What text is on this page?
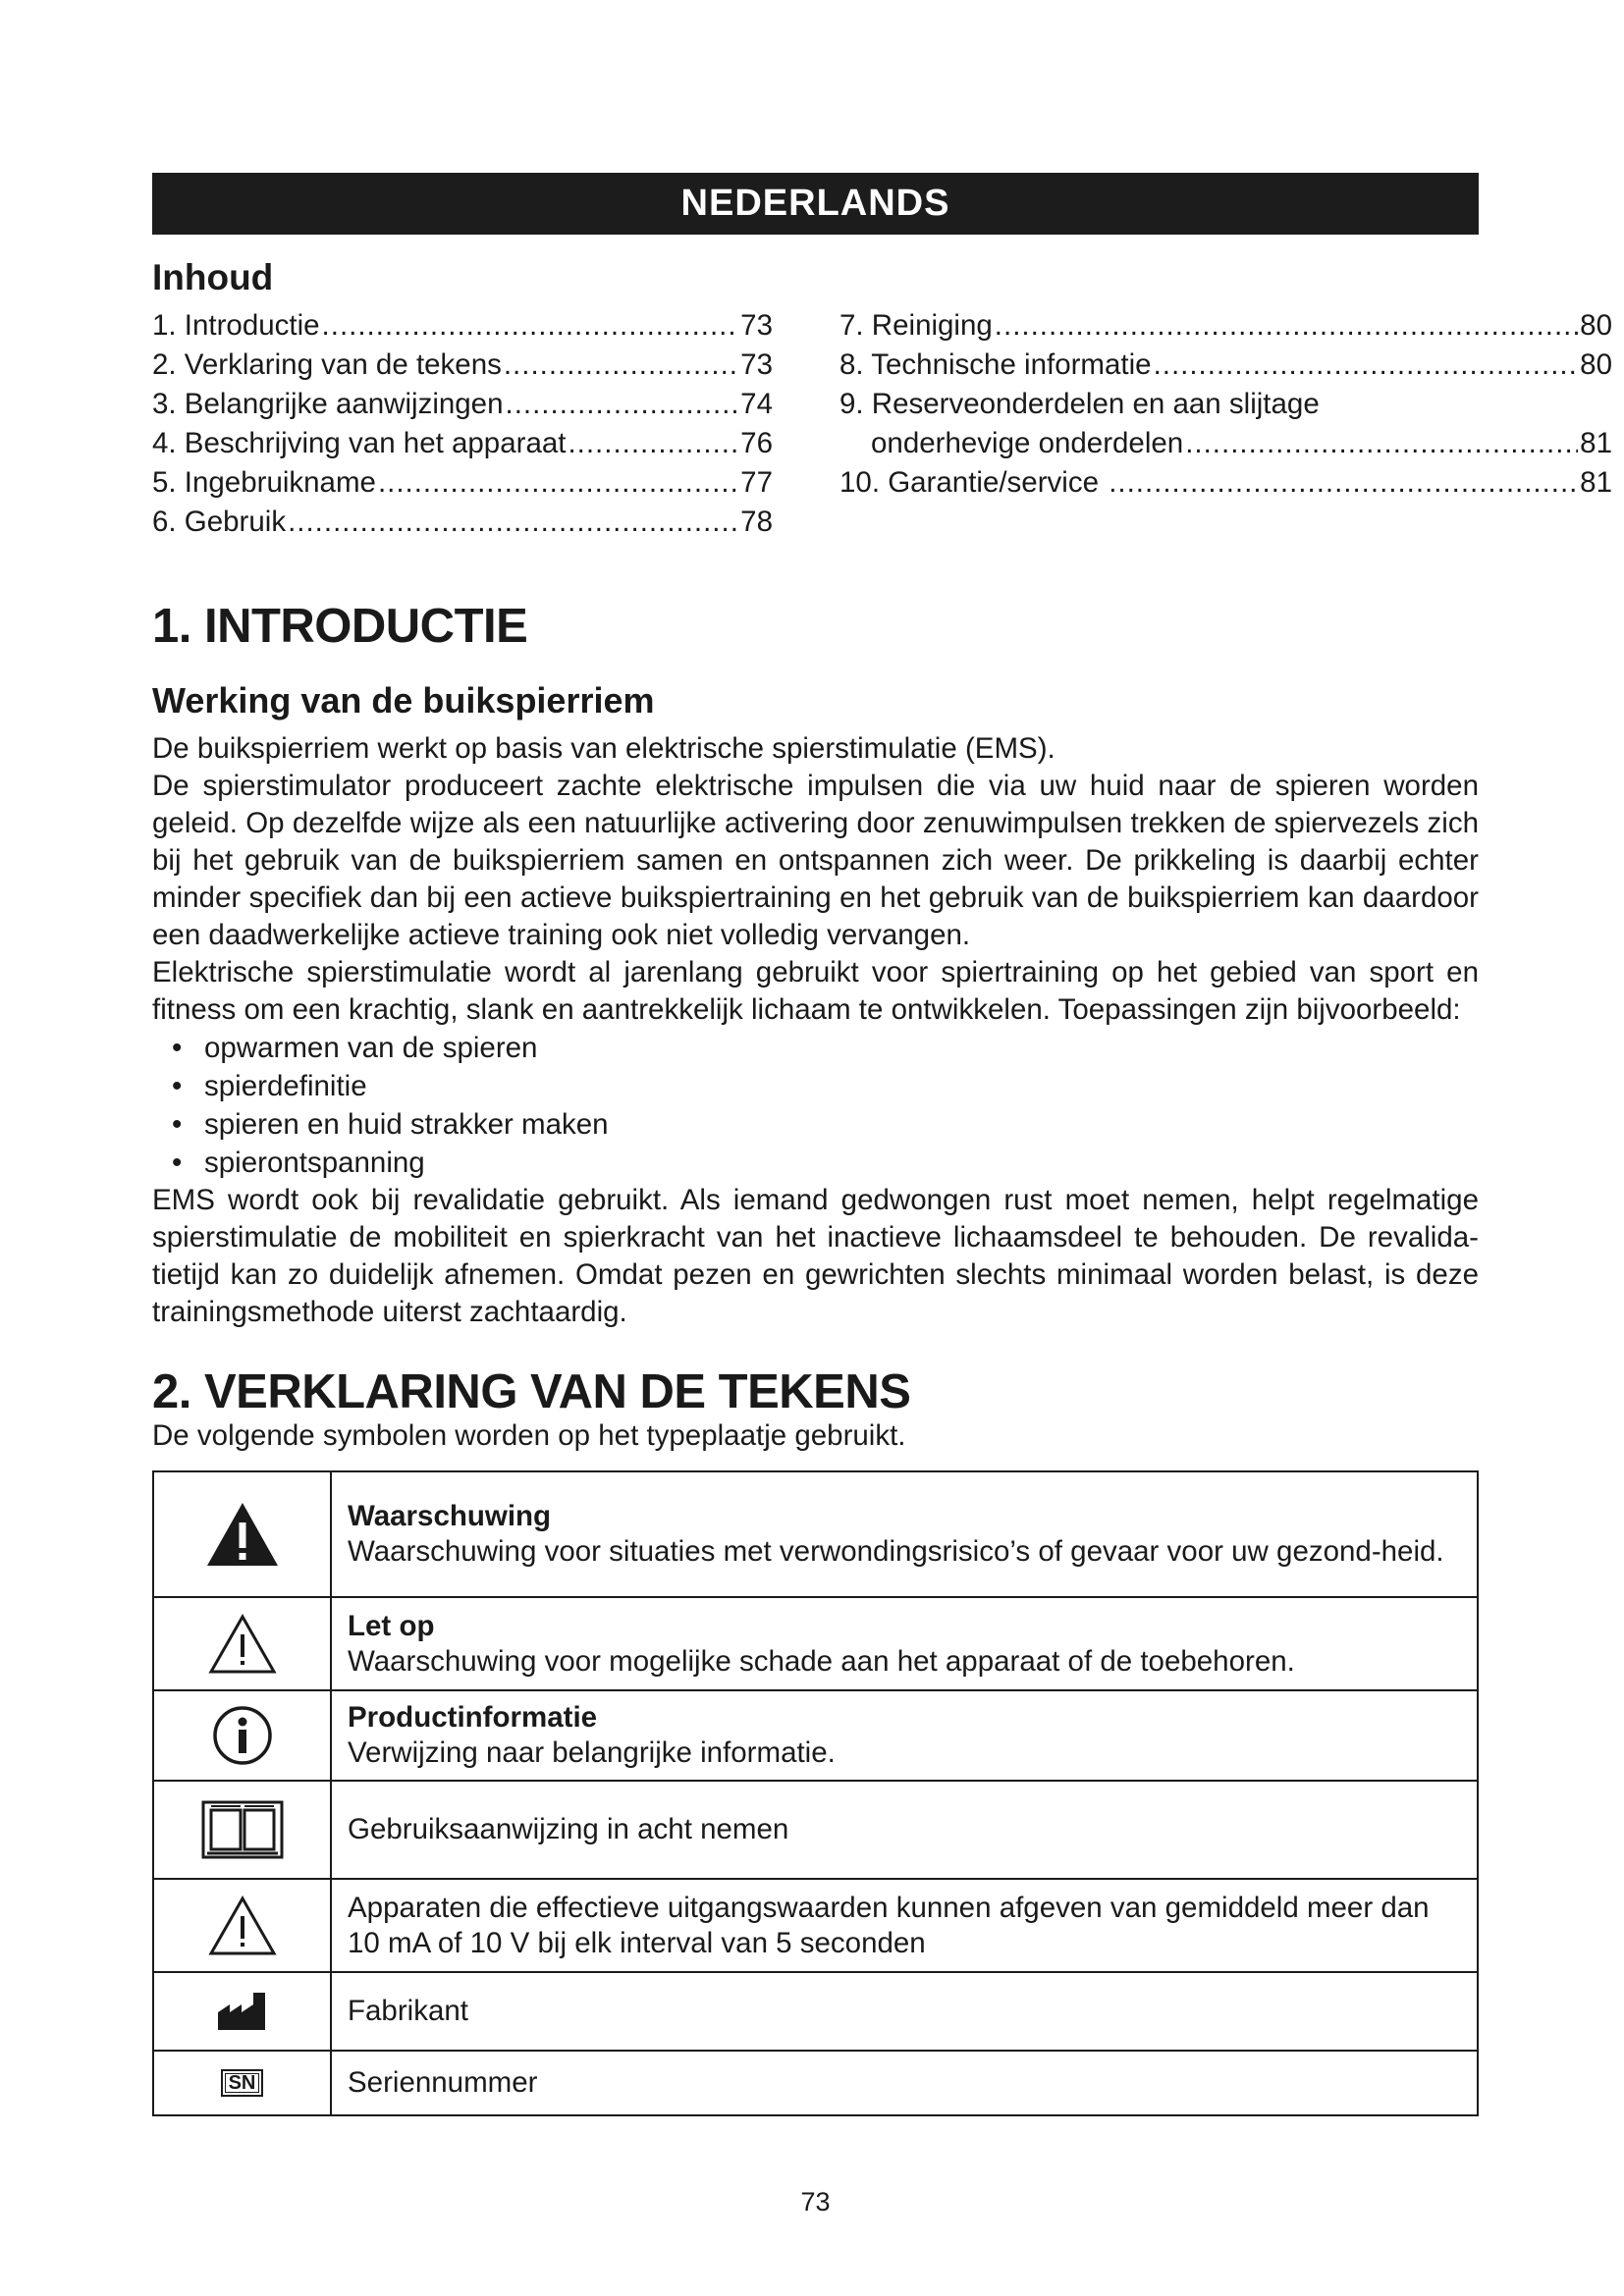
NEDERLANDS
Inhoud
1. Introductie .....	73
2. Verklaring van de tekens .....	73
3. Belangrijke aanwijzingen .....	74
4. Beschrijving van het apparaat .....	76
5. Ingebruikname .....	77
6. Gebruik .....	78
7. Reiniging .....	80
8. Technische informatie .....	80
9. Reserveonderdelen en aan slijtage
onderhevige onderdelen .....	81
10. Garantie/service .....	81
1. INTRODUCTIE
Werking van de buikspierriem
De buikspierriem werkt op basis van elektrische spierstimulatie (EMS).
De spierstimulator produceert zachte elektrische impulsen die via uw huid naar de spieren worden geleid. Op dezelfde wijze als een natuurlijke activering door zenuwimpulsen trekken de spiervezels zich bij het gebruik van de buikspierriem samen en ontspannen zich weer. De prikkeling is daarbij echter minder specifiek dan bij een actieve buikspiertraining en het gebruik van de buikspierriem kan daardoor een daadwerkelijke actieve training ook niet volledig vervangen.
Elektrische spierstimulatie wordt al jarenlang gebruikt voor spiertraining op het gebied van sport en fitness om een krachtig, slank en aantrekkelijk lichaam te ontwikkelen. Toepassingen zijn bijvoorbeeld:
• opwarmen van de spieren
• spierdefinitie
• spieren en huid strakker maken
• spierontspanning
EMS wordt ook bij revalidatie gebruikt. Als iemand gedwongen rust moet nemen, helpt regelmatige spierstimulatie de mobiliteit en spierkracht van het inactieve lichaamsdeel te behouden. De revalida-tietijd kan zo duidelijk afnemen. Omdat pezen en gewrichten slechts minimaal worden belast, is deze trainingsmethode uiterst zachtaardig.
2. VERKLARING VAN DE TEKENS
De volgende symbolen worden op het typeplaatje gebruikt.

Waarschuwing
Waarschuwing voor situaties met verwondingsrisico’s of gevaar voor uw gezond-heid.

Let op
Waarschuwing voor mogelijke schade aan het apparaat of de toebehoren.

Productinformatie
Verwijzing naar belangrijke informatie.
	Gebruiksaanwijzing in acht nemen
	Apparaten die effectieve uitgangswaarden kunnen afgeven van gemiddeld meer dan 10 mA of 10 V bij elk interval van 5 seconden
	Fabrikant
SN	Seriennummer
73
